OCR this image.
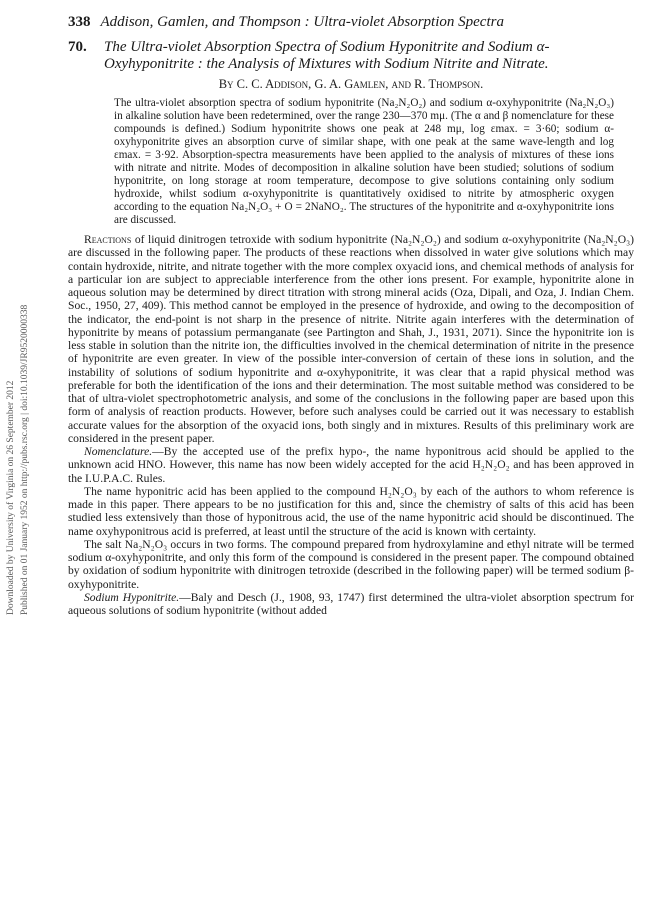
Downloaded by University of Virginia on 26 September 2012 Published on 01 January 1952 on http://pubs.rsc.org | doi:10.1039/JR9520000338
338 Addison, Gamlen, and Thompson : Ultra-violet Absorption Spectra
70.	The Ultra-violet Absorption Spectra of Sodium Hyponitrite and Sodium α-Oxyhyponitrite : the Analysis of Mixtures with Sodium Nitrite and Nitrate.
By C. C. Addison, G. A. Gamlen, and R. Thompson.
The ultra-violet absorption spectra of sodium hyponitrite (Na₂N₂O₂) and sodium α-oxyhyponitrite (Na₂N₂O₃) in alkaline solution have been redetermined, over the range 230—370 mμ. (The α and β nomenclature for these compounds is defined.) Sodium hyponitrite shows one peak at 248 mμ, log εmax. = 3·60; sodium α-oxyhyponitrite gives an absorption curve of similar shape, with one peak at the same wave-length and log εmax. = 3·92. Absorption-spectra measurements have been applied to the analysis of mixtures of these ions with nitrate and nitrite. Modes of decomposition in alkaline solution have been studied; solutions of sodium hyponitrite, on long storage at room temperature, decompose to give solutions containing only sodium hydroxide, whilst sodium α-oxyhyponitrite is quantitatively oxidised to nitrite by atmospheric oxygen according to the equation Na₂N₂O₃ + O = 2NaNO₂. The structures of the hyponitrite and α-oxyhyponitrite ions are discussed.

Reactions of liquid dinitrogen tetroxide with sodium hyponitrite (Na₂N₂O₂) and sodium α-oxyhyponitrite (Na₂N₂O₃) are discussed in the following paper. The products of these reactions when dissolved in water give solutions which may contain hydroxide, nitrite, and nitrate together with the more complex oxyacid ions, and chemical methods of analysis for a particular ion are subject to appreciable interference from the other ions present. For example, hyponitrite alone in aqueous solution may be determined by direct titration with strong mineral acids (Oza, Dipali, and Oza, J. Indian Chem. Soc., 1950, 27, 409). This method cannot be employed in the presence of hydroxide, and owing to the decomposition of the indicator, the end-point is not sharp in the presence of nitrite. Nitrite again interferes with the determination of hyponitrite by means of potassium permanganate (see Partington and Shah, J., 1931, 2071). Since the hyponitrite ion is less stable in solution than the nitrite ion, the difficulties involved in the chemical determination of nitrite in the presence of hyponitrite are even greater. In view of the possible inter-conversion of certain of these ions in solution, and the instability of solutions of sodium hyponitrite and α-oxyhyponitrite, it was clear that a rapid physical method was preferable for both the identification of the ions and their determination. The most suitable method was considered to be that of ultra-violet spectrophotometric analysis, and some of the conclusions in the following paper are based upon this form of analysis of reaction products. However, before such analyses could be carried out it was necessary to establish accurate values for the absorption of the oxyacid ions, both singly and in mixtures. Results of this preliminary work are considered in the present paper.

Nomenclature.—By the accepted use of the prefix hypo-, the name hyponitrous acid should be applied to the unknown acid HNO. However, this name has now been widely accepted for the acid H₂N₂O₂ and has been approved in the I.U.P.A.C. Rules.

The name hyponitric acid has been applied to the compound H₂N₂O₃ by each of the authors to whom reference is made in this paper. There appears to be no justification for this and, since the chemistry of salts of this acid has been studied less extensively than those of hyponitrous acid, the use of the name hyponitric acid should be discontinued. The name oxyhyponitrous acid is preferred, at least until the structure of the acid is known with certainty.

The salt Na₂N₂O₃ occurs in two forms. The compound prepared from hydroxylamine and ethyl nitrate will be termed sodium α-oxyhyponitrite, and only this form of the compound is considered in the present paper. The compound obtained by oxidation of sodium hyponitrite with dinitrogen tetroxide (described in the following paper) will be termed sodium β-oxyhyponitrite.

Sodium Hyponitrite.—Baly and Desch (J., 1908, 93, 1747) first determined the ultra-violet absorption spectrum for aqueous solutions of sodium hyponitrite (without added
